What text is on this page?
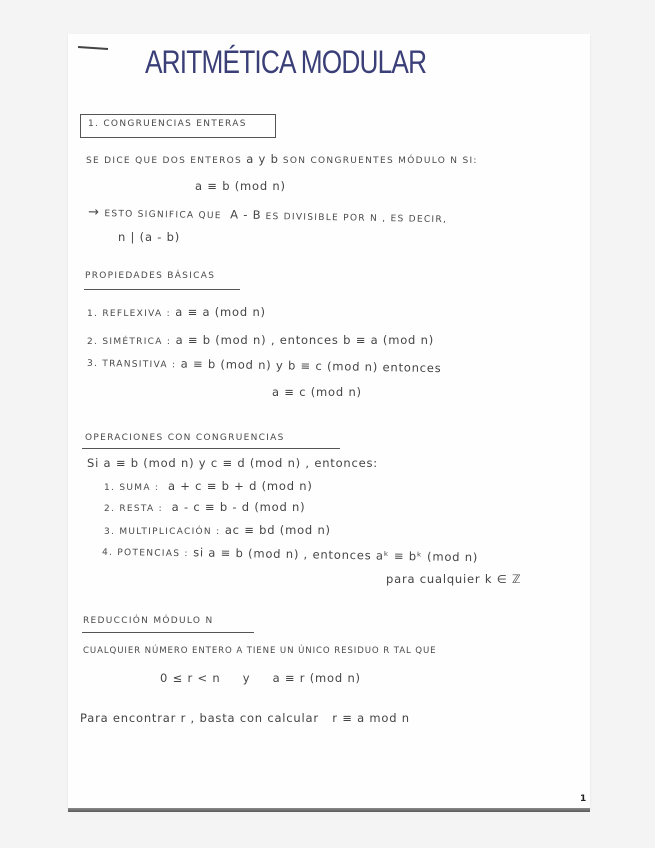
ARITMÉTICA MODULAR
1. CONGRUENCIAS ENTERAS
SE DICE QUE DOS ENTEROS a y b SON CONGRUENTES MÓDULO N SI:
a ≡ b (mod n)
→ ESTO SIGNIFICA QUE A - B ES DIVISIBLE POR N , ES DECIR,
n | (a - b)
PROPIEDADES BÁSICAS
1. REFLEXIVA : a ≡ a (mod n)
2. SIMÉTRICA : a ≡ b (mod n) , entonces b ≡ a (mod n)
3. TRANSITIVA : a ≡ b (mod n) y b ≡ c (mod n) entonces
a ≡ c (mod n)
OPERACIONES CON CONGRUENCIAS
Si a ≡ b (mod n) y c ≡ d (mod n) , entonces:
1. SUMA : a + c ≡ b + d (mod n)
2. RESTA : a - c ≡ b - d (mod n)
3. MULTIPLICACIÓN : ac ≡ bd (mod n)
4. POTENCIAS : si a ≡ b (mod n) , entonces aᵏ ≡ bᵏ (mod n)
para cualquier k ∈ ℤ
REDUCCIÓN MÓDULO N
CUALQUIER NÚMERO ENTERO A TIENE UN ÚNICO RESIDUO R TAL QUE
0 ≤ r < n     y     a ≡ r (mod n)
Para encontrar r , basta con calcular   r ≡ a mod n
1
